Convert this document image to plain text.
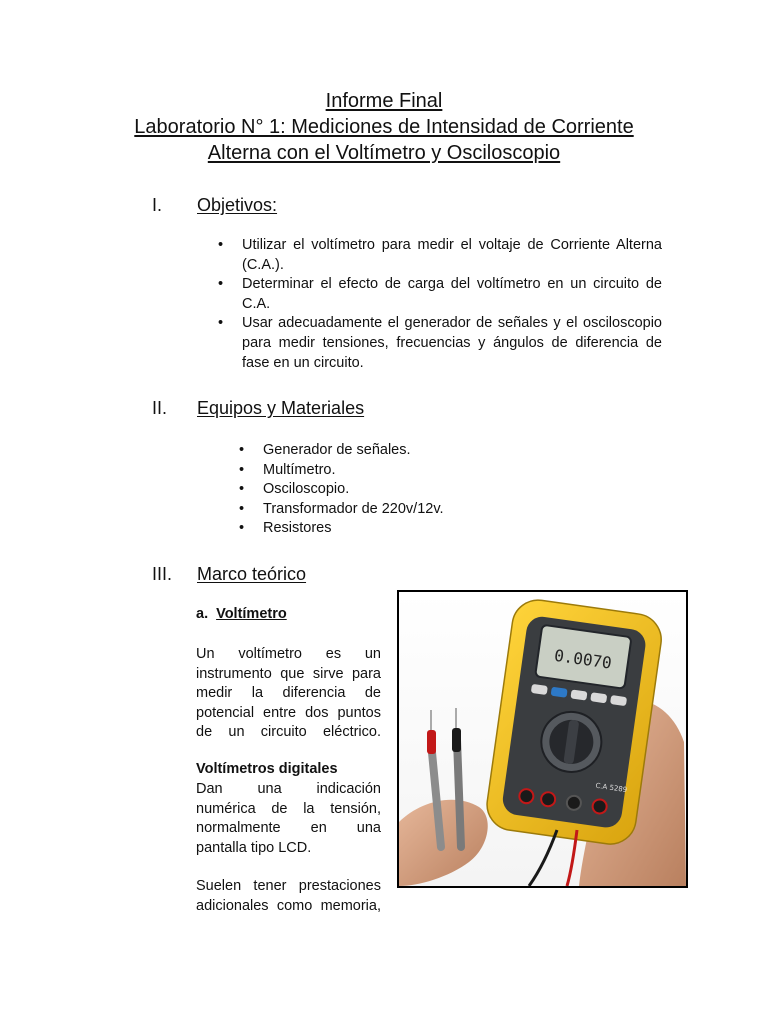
Informe Final
Laboratorio N° 1: Mediciones de Intensidad de Corriente
Alterna con el Voltímetro y Osciloscopio
I. Objetivos:
• Utilizar el voltímetro para medir el voltaje de Corriente Alterna (C.A.).
• Determinar el efecto de carga del voltímetro en un circuito de C.A.
• Usar adecuadamente el generador de señales y el osciloscopio para medir tensiones, frecuencias y ángulos de diferencia de fase en un circuito.
II. Equipos y Materiales
• Generador de señales.
• Multímetro.
• Osciloscopio.
• Transformador de 220v/12v.
• Resistores
III. Marco teórico
a. Voltímetro
Un voltímetro es un instrumento que sirve para medir la diferencia de potencial entre dos puntos de un circuito eléctrico.
Voltímetros digitales
Dan una indicación numérica de la tensión, normalmente en una pantalla tipo LCD.
Suelen tener prestaciones adicionales como memoria,
0.0070
C.A 5289
